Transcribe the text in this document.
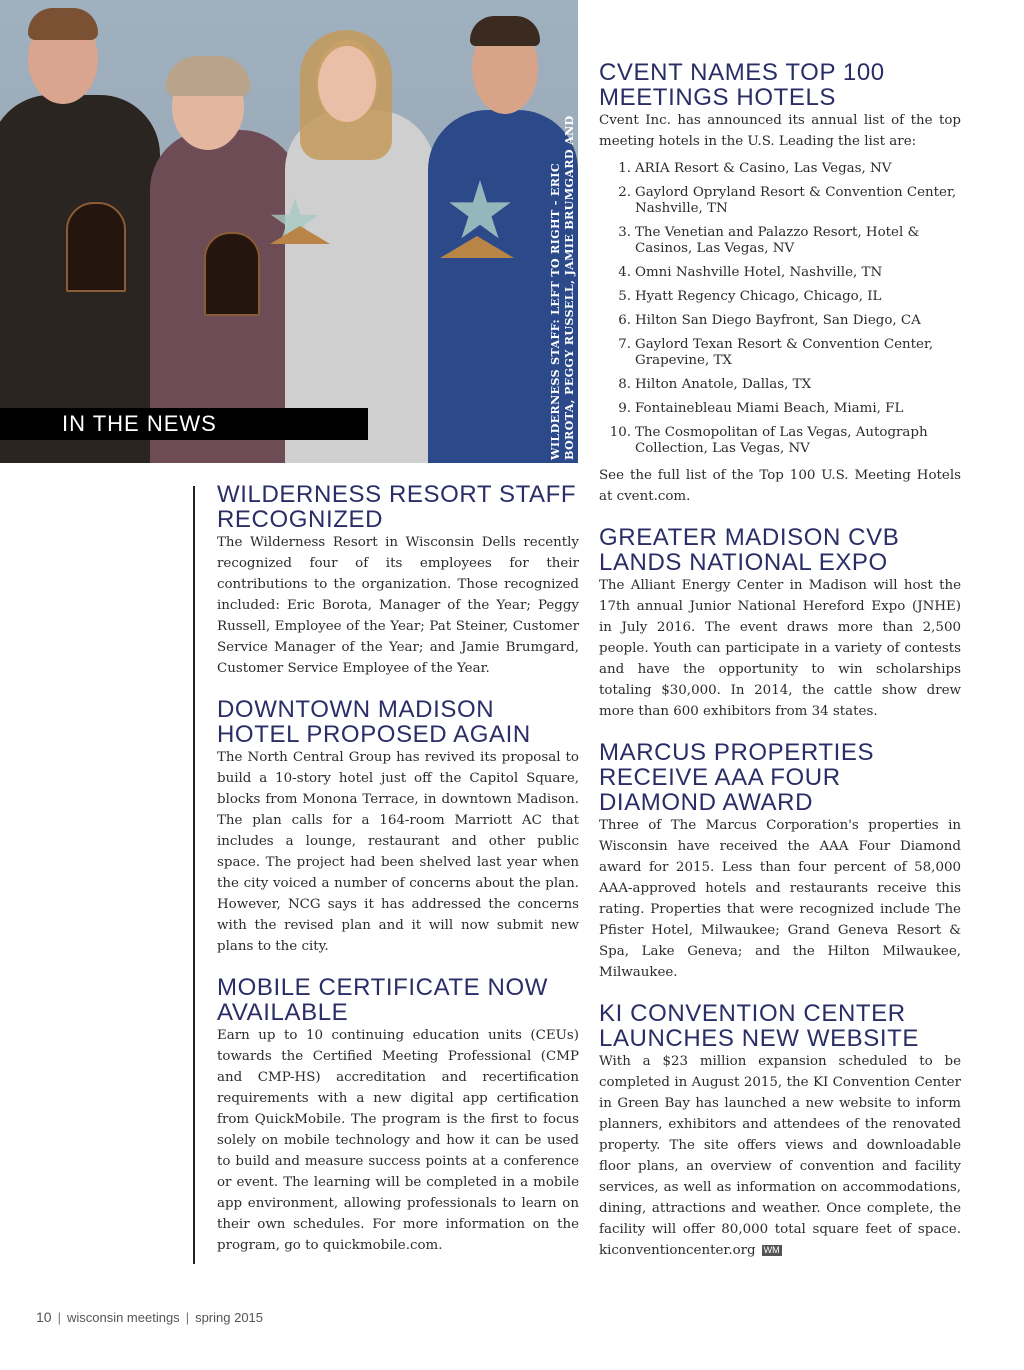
IN THE NEWS	WILDERNESS STAFF: LEFT TO RIGHT - ERIC BOROTA, PEGGY RUSSELL, JAMIE BRUMGARD AND PAT STEINER
WILDERNESS RESORT STAFF RECOGNIZED

The Wilderness Resort in Wisconsin Dells recently recognized four of its employees for their contributions to the organization. Those recognized included: Eric Borota, Manager of the Year; Peggy Russell, Employee of the Year; Pat Steiner, Customer Service Manager of the Year; and Jamie Brumgard, Customer Service Employee of the Year.

DOWNTOWN MADISON HOTEL PROPOSED AGAIN

The North Central Group has revived its proposal to build a 10-story hotel just off the Capitol Square, blocks from Monona Terrace, in downtown Madison. The plan calls for a 164-room Marriott AC that includes a lounge, restaurant and other public space. The project had been shelved last year when the city voiced a number of concerns about the plan. However, NCG says it has addressed the concerns with the revised plan and it will now submit new plans to the city.

MOBILE CERTIFICATE NOW AVAILABLE

Earn up to 10 continuing education units (CEUs) towards the Certified Meeting Professional (CMP and CMP-HS) accreditation and recertification requirements with a new digital app certification from QuickMobile. The program is the first to focus solely on mobile technology and how it can be used to build and measure success points at a conference or event. The learning will be completed in a mobile app environment, allowing professionals to learn on their own schedules. For more information on the program, go to quickmobile.com.

CVENT NAMES TOP 100 MEETINGS HOTELS

Cvent Inc. has announced its annual list of the top meeting hotels in the U.S. Leading the list are:

1. ARIA Resort & Casino, Las Vegas, NV
2. Gaylord Opryland Resort & Convention Center, Nashville, TN
3. The Venetian and Palazzo Resort, Hotel & Casinos, Las Vegas, NV
4. Omni Nashville Hotel, Nashville, TN
5. Hyatt Regency Chicago, Chicago, IL
6. Hilton San Diego Bayfront, San Diego, CA
7. Gaylord Texan Resort & Convention Center, Grapevine, TX
8. Hilton Anatole, Dallas, TX
9. Fontainebleau Miami Beach, Miami, FL
10. The Cosmopolitan of Las Vegas, Autograph Collection, Las Vegas, NV

See the full list of the Top 100 U.S. Meeting Hotels at cvent.com.

GREATER MADISON CVB LANDS NATIONAL EXPO

The Alliant Energy Center in Madison will host the 17th annual Junior National Hereford Expo (JNHE) in July 2016. The event draws more than 2,500 people. Youth can participate in a variety of contests and have the opportunity to win scholarships totaling $30,000. In 2014, the cattle show drew more than 600 exhibitors from 34 states.

MARCUS PROPERTIES RECEIVE AAA FOUR DIAMOND AWARD

Three of The Marcus Corporation's properties in Wisconsin have received the AAA Four Diamond award for 2015. Less than four percent of 58,000 AAA-approved hotels and restaurants receive this rating. Properties that were recognized include The Pfister Hotel, Milwaukee; Grand Geneva Resort & Spa, Lake Geneva; and the Hilton Milwaukee, Milwaukee.

KI CONVENTION CENTER LAUNCHES NEW WEBSITE

With a $23 million expansion scheduled to be completed in August 2015, the KI Convention Center in Green Bay has launched a new website to inform planners, exhibitors and attendees of the renovated property. The site offers views and downloadable floor plans, an overview of convention and facility services, as well as information on accommodations, dining, attractions and weather. Once complete, the facility will offer 80,000 total square feet of space. kiconventioncenter.org WM

10 | wisconsin meetings | spring 2015
